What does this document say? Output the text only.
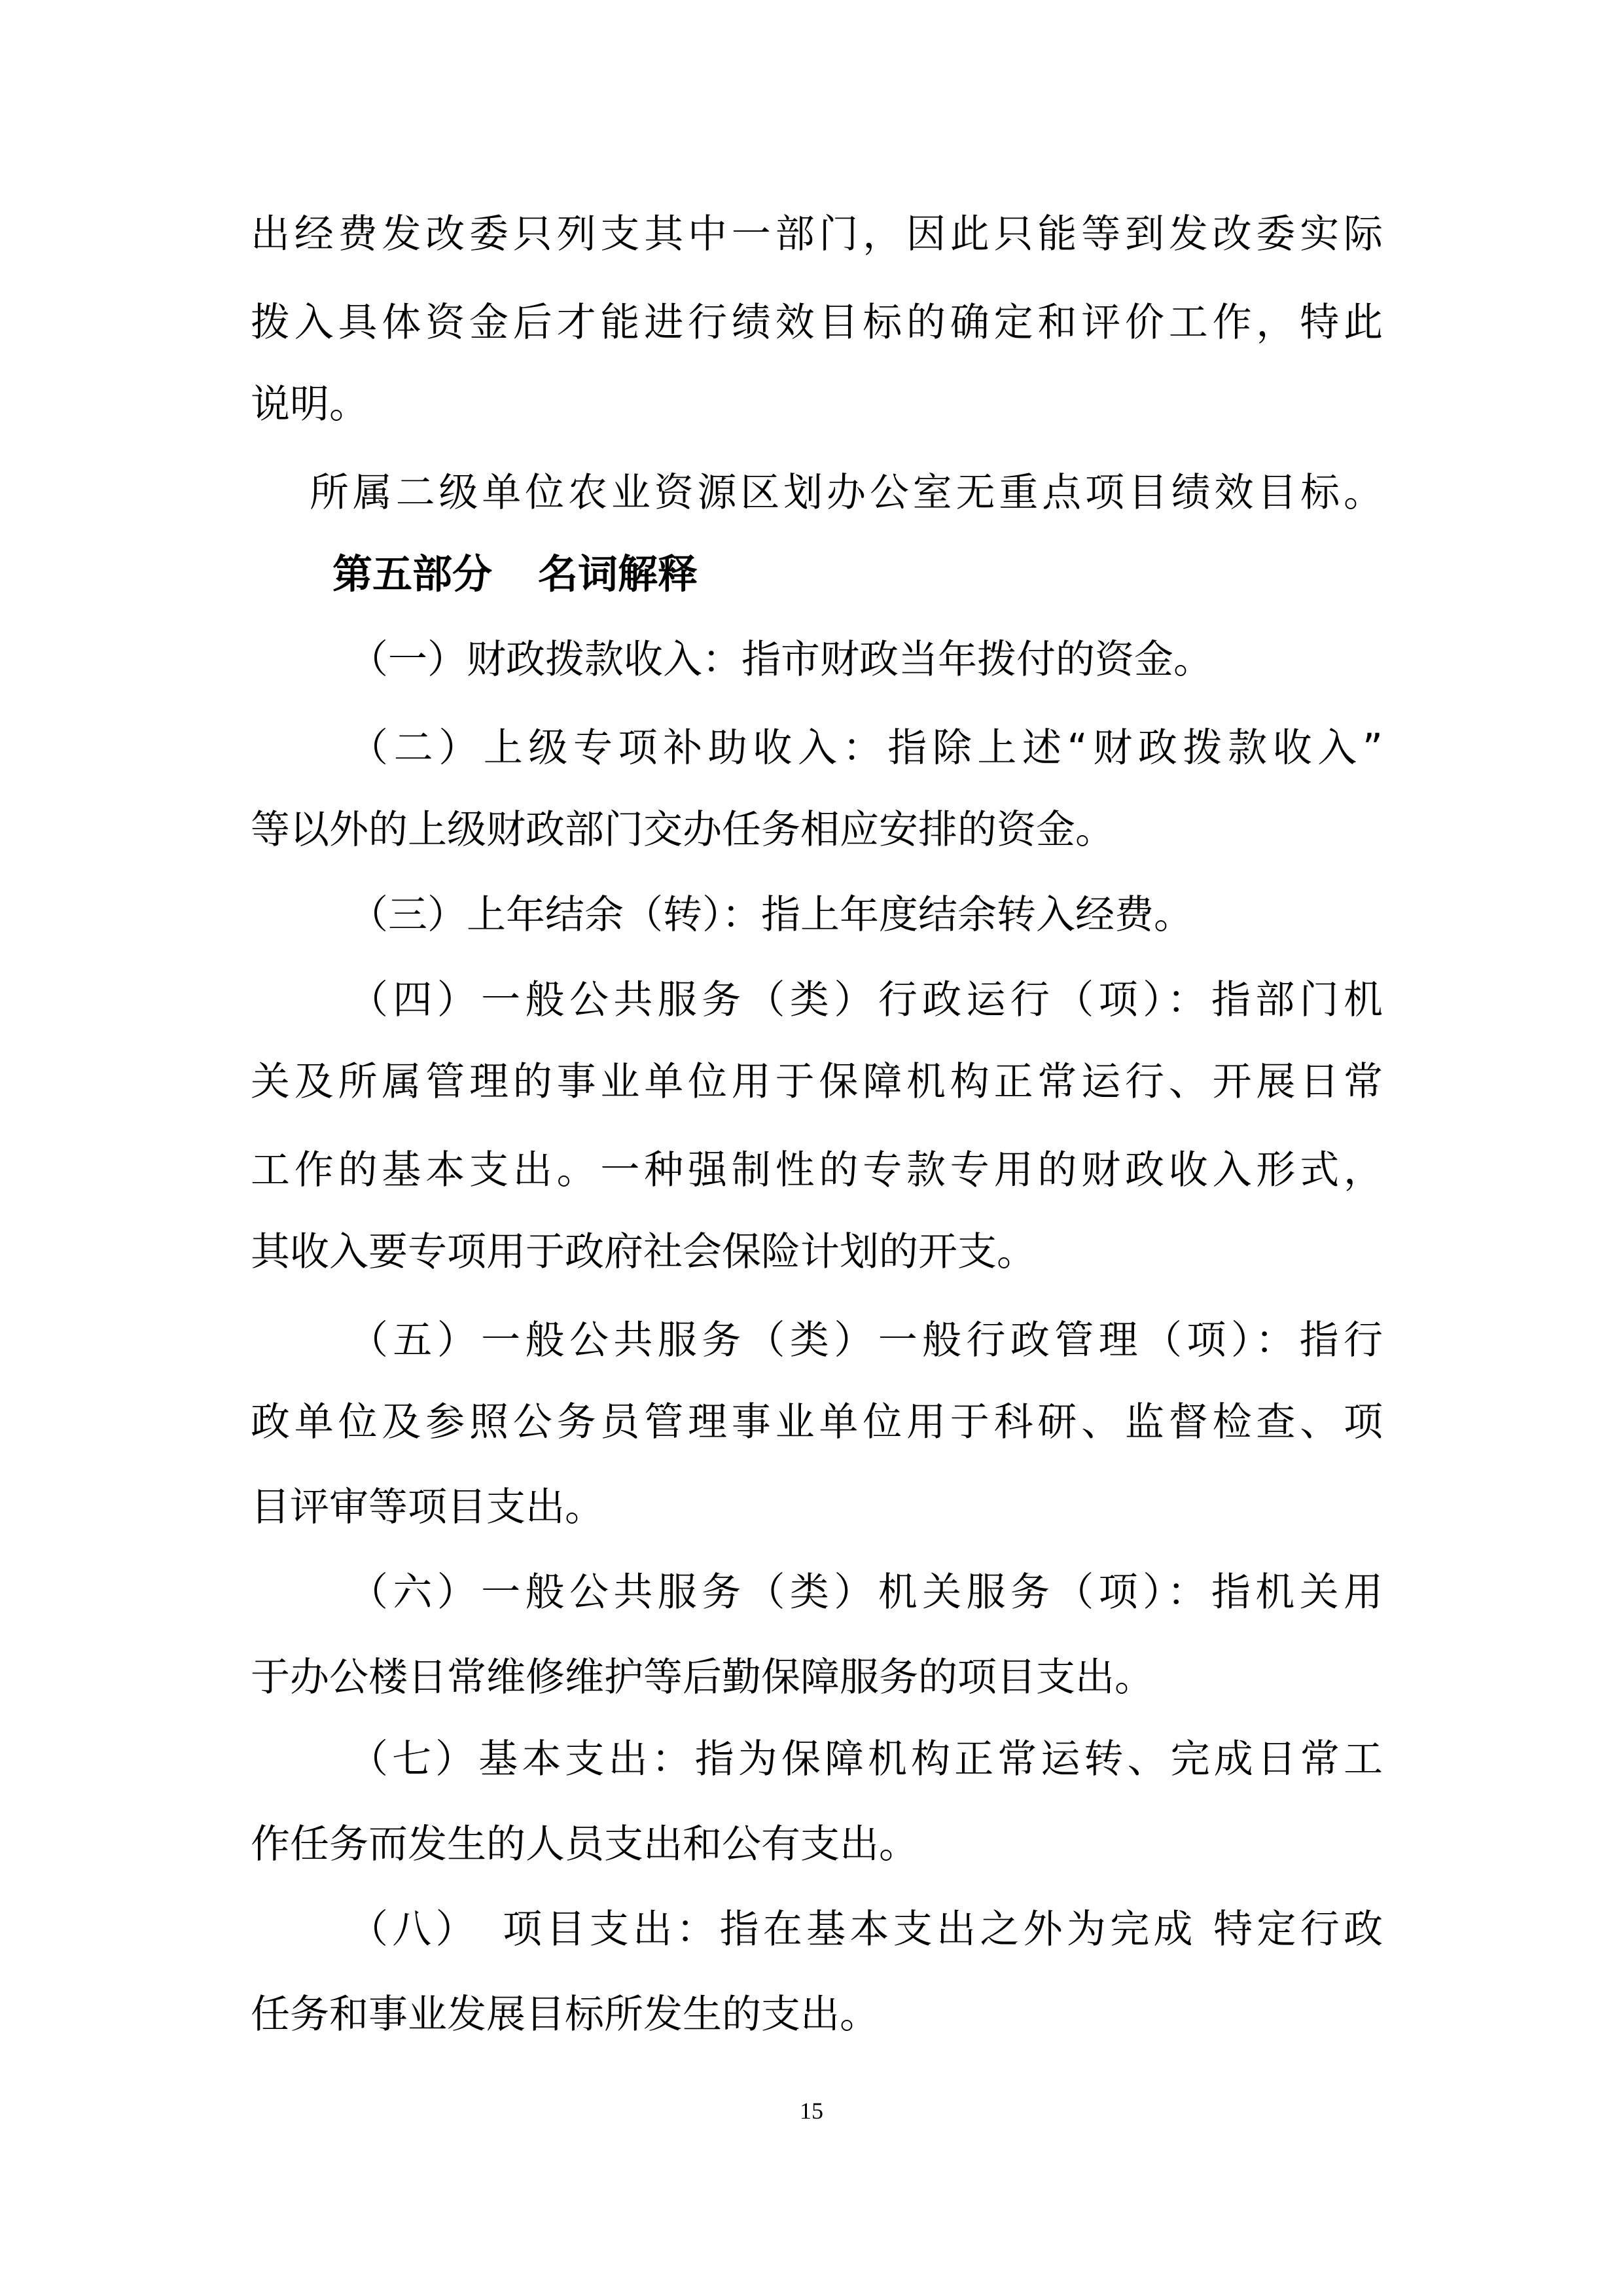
出经费发改委只列支其中一部门，因此只能等到发改委实际
拨入具体资金后才能进行绩效目标的确定和评价工作，特此
说明。
所属二级单位农业资源区划办公室无重点项目绩效目标。
第五部分 名词解释
（一）财政拨款收入：指市财政当年拨付的资金。
（二）上级专项补助收入：指除上述“财政拨款收入”
等以外的上级财政部门交办任务相应安排的资金。
（三）上年结余（转）：指上年度结余转入经费。
（四）一般公共服务（类）行政运行（项）：指部门机
关及所属管理的事业单位用于保障机构正常运行、开展日常
工作的基本支出。一种强制性的专款专用的财政收入形式，
其收入要专项用于政府社会保险计划的开支。
（五）一般公共服务（类）一般行政管理（项）：指行
政单位及参照公务员管理事业单位用于科研、监督检查、项
目评审等项目支出。
（六）一般公共服务（类）机关服务（项）：指机关用
于办公楼日常维修维护等后勤保障服务的项目支出。
（七）基本支出：指为保障机构正常运转、完成日常工
作任务而发生的人员支出和公有支出。
（八）　项目支出：指在基本支出之外为完成 特定行政
任务和事业发展目标所发生的支出。
15
